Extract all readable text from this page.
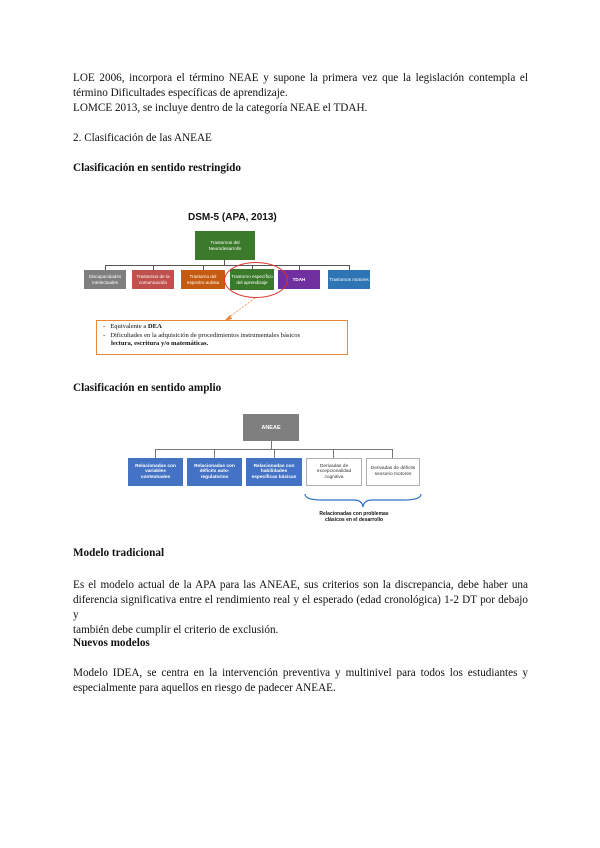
LOE 2006, incorpora el término NEAE y supone la primera vez que la legislación contempla el
término Dificultades específicas de aprendizaje.

LOMCE 2013, se incluye dentro de la categoría NEAE el TDAH.

2. Clasificación de las ANEAE

Clasificación en sentido restringido

DSM-5 (APA, 2013)
Trastornos del Neurodesarrollo
Discapacidades Intelectuales
Trastornos de la comunicación
Trastorno del espectro autista
Trastorno específico del aprendizaje
TDAH	Trastornos motores
- Equivalente a DEA
- Dificultades en la adquisición de procedimientos instrumentales básicos
lectura, escritura y/o matemáticas.

Clasificación en sentido amplio

ANEAE
Relacionadas con variables contextuales
Relacionadas con déficits auto-regulatorios
Relacionadas con habilidades específicas básicas
Derivadas de excepcionalidad cognitiva
Derivadas de déficits sensorio motores
Relacionadas con problemas clásicos en el desarrollo

Modelo tradicional

Es el modelo actual de la APA para las ANEAE, sus criterios son la discrepancia, debe haber una
diferencia significativa entre el rendimiento real y el esperado (edad cronológica) 1-2 DT por debajo y
también debe cumplir el criterio de exclusión.

Nuevos modelos

Modelo IDEA, se centra en la intervención preventiva y multinivel para todos los estudiantes y
especialmente para aquellos en riesgo de padecer ANEAE.
